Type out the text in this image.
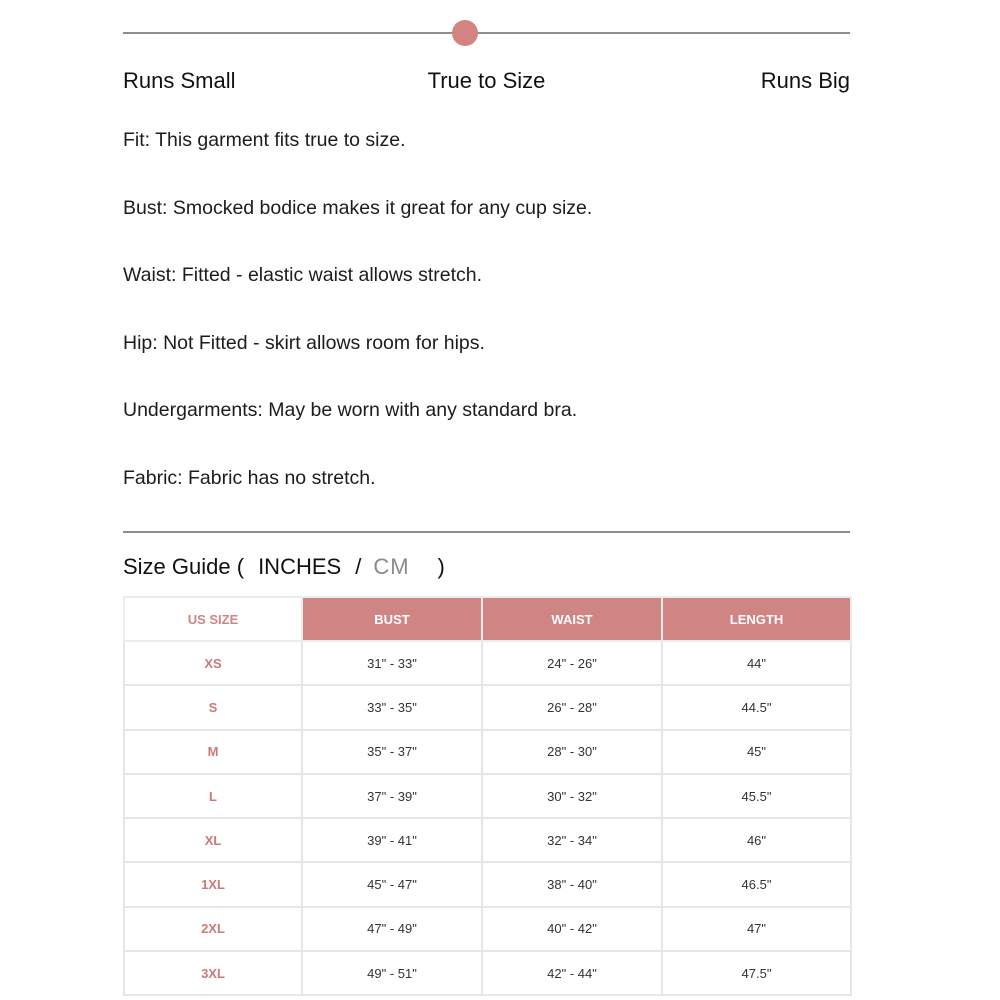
Runs Small	True to Size	Runs Big
Fit: This garment fits true to size.
Bust: Smocked bodice makes it great for any cup size.
Waist: Fitted - elastic waist allows stretch.
Hip: Not Fitted - skirt allows room for hips.
Undergarments: May be worn with any standard bra.
Fabric: Fabric has no stretch.
Size Guide ( INCHES / CM )
US SIZE	BUST	WAIST	LENGTH
XS	31" - 33"	24" - 26"	44"
S	33" - 35"	26" - 28"	44.5"
M	35" - 37"	28" - 30"	45"
L	37" - 39"	30" - 32"	45.5"
XL	39" - 41"	32" - 34"	46"
1XL	45" - 47"	38" - 40"	46.5"
2XL	47" - 49"	40" - 42"	47"
3XL	49" - 51"	42" - 44"	47.5"
